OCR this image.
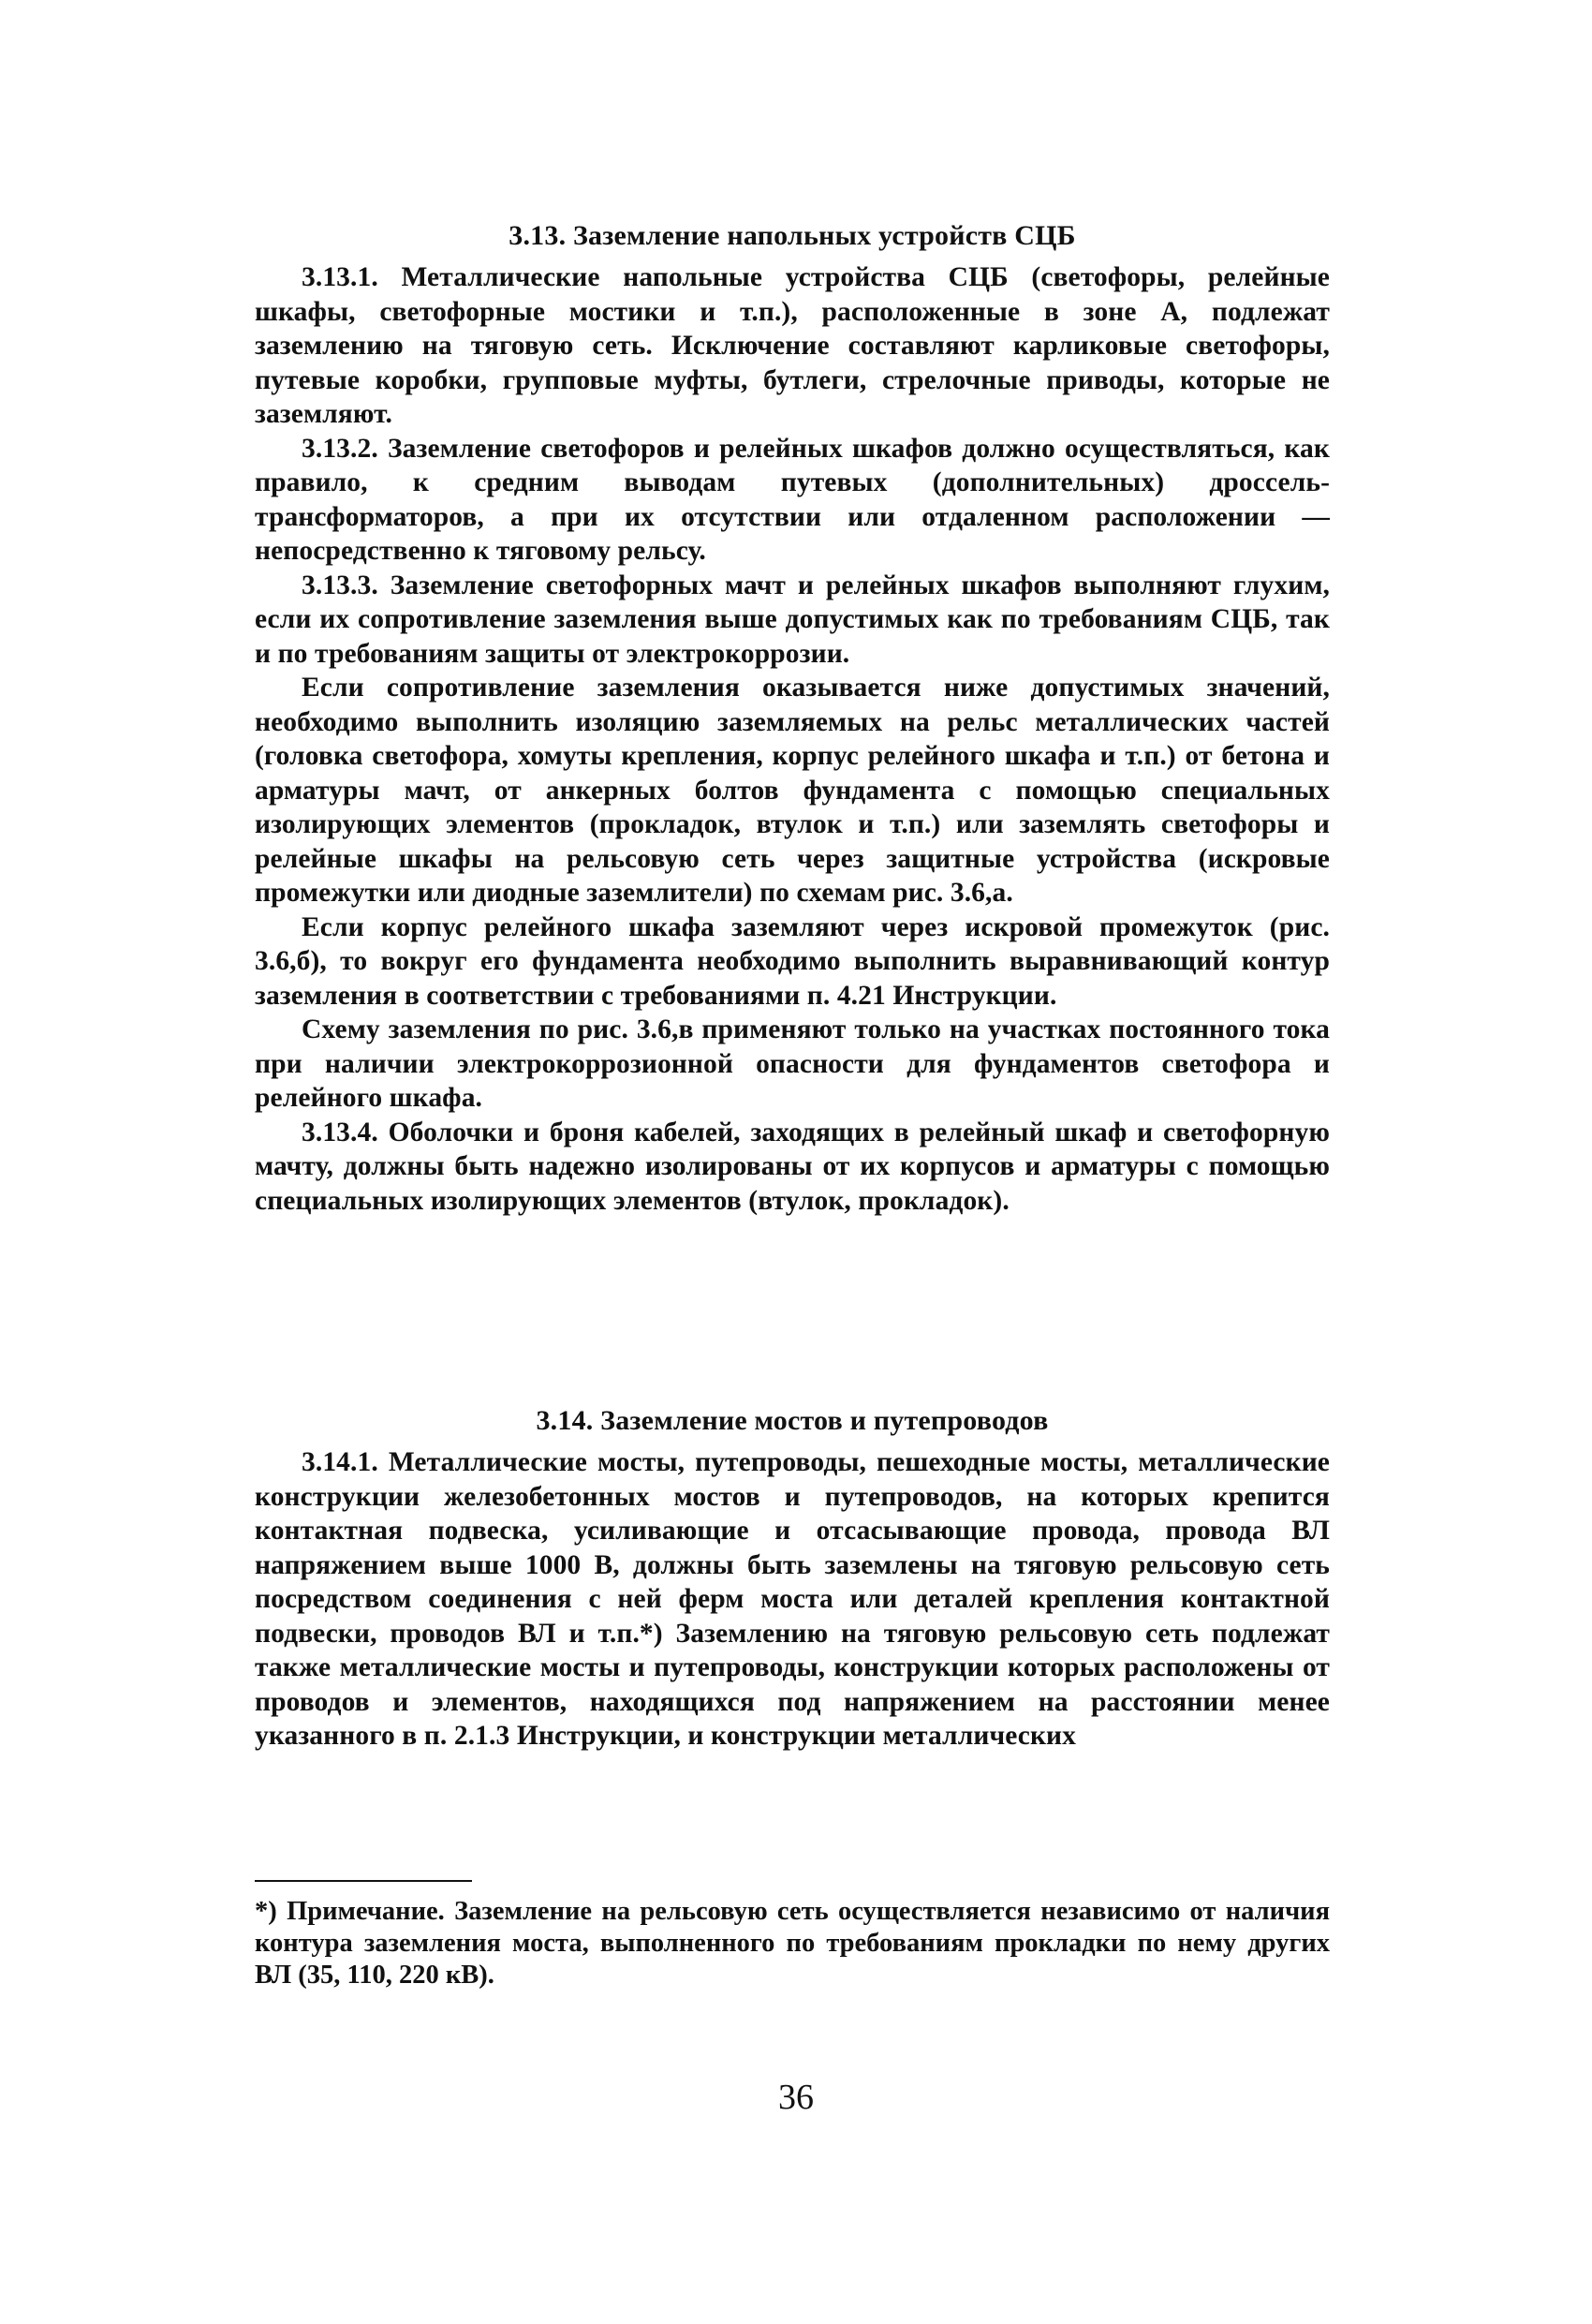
3.13. Заземление напольных устройств СЦБ

3.13.1. Металлические напольные устройства СЦБ (светофоры, релейные шкафы, светофорные мостики и т.п.), расположенные в зоне А, подлежат заземлению на тяговую сеть. Исключение составляют карликовые светофоры, путевые коробки, групповые муфты, бутлеги, стрелочные приводы, которые не заземляют.

3.13.2. Заземление светофоров и релейных шкафов должно осуществляться, как правило, к средним выводам путевых (дополнительных) дроссель-трансформаторов, а при их отсутствии или отдаленном расположении — непосредственно к тяговому рельсу.

3.13.3. Заземление светофорных мачт и релейных шкафов выполняют глухим, если их сопротивление заземления выше допустимых как по требованиям СЦБ, так и по требованиям защиты от электрокоррозии.

Если сопротивление заземления оказывается ниже допустимых значений, необходимо выполнить изоляцию заземляемых на рельс металлических частей (головка светофора, хомуты крепления, корпус релейного шкафа и т.п.) от бетона и арматуры мачт, от анкерных болтов фундамента с помощью специальных изолирующих элементов (прокладок, втулок и т.п.) или заземлять светофоры и релейные шкафы на рельсовую сеть через защитные устройства (искровые промежутки или диодные заземлители) по схемам рис. 3.6,а.

Если корпус релейного шкафа заземляют через искровой промежуток (рис. 3.6,б), то вокруг его фундамента необходимо выполнить выравнивающий контур заземления в соответствии с требованиями п. 4.21 Инструкции.

Схему заземления по рис. 3.6,в применяют только на участках постоянного тока при наличии электрокоррозионной опасности для фундаментов светофора и релейного шкафа.

3.13.4. Оболочки и броня кабелей, заходящих в релейный шкаф и светофорную мачту, должны быть надежно изолированы от их корпусов и арматуры с помощью специальных изолирующих элементов (втулок, прокладок).

3.14. Заземление мостов и путепроводов

3.14.1. Металлические мосты, путепроводы, пешеходные мосты, металлические конструкции железобетонных мостов и путепроводов, на которых крепится контактная подвеска, усиливающие и отсасывающие провода, провода ВЛ напряжением выше 1000 В, должны быть заземлены на тяговую рельсовую сеть посредством соединения с ней ферм моста или деталей крепления контактной подвески, проводов ВЛ и т.п.*) Заземлению на тяговую рельсовую сеть подлежат также металлические мосты и путепроводы, конструкции которых расположены от проводов и элементов, находящихся под напряжением на расстоянии менее указанного в п. 2.1.3 Инструкции, и конструкции металлических

*) Примечание. Заземление на рельсовую сеть осуществляется независимо от наличия контура заземления моста, выполненного по требованиям прокладки по нему других ВЛ (35, 110, 220 кВ).

36
